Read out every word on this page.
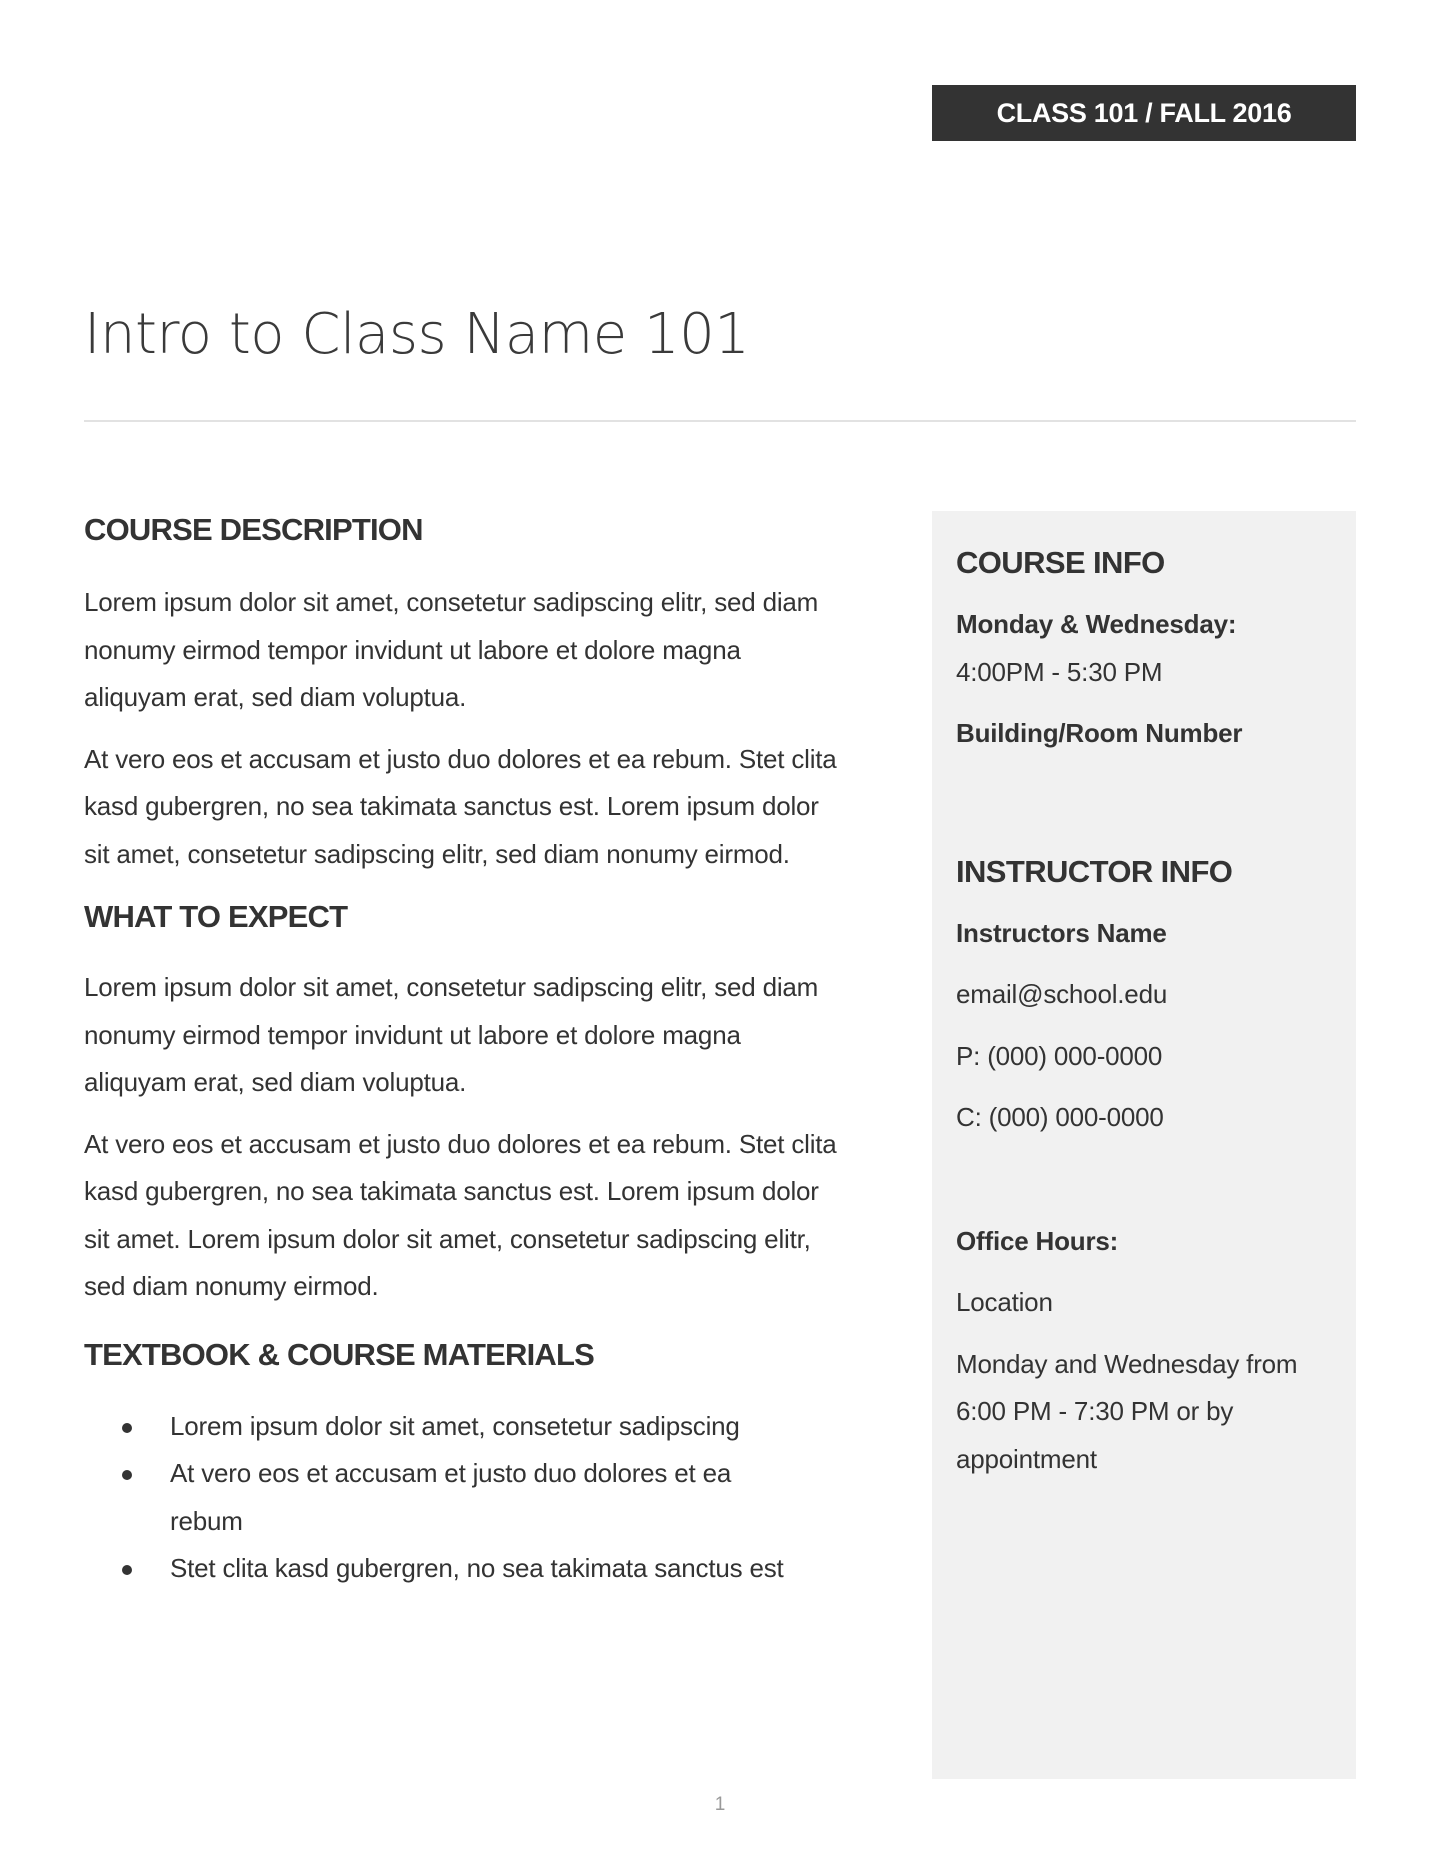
CLASS 101 / FALL 2016
Intro to Class Name 101
COURSE DESCRIPTION

Lorem ipsum dolor sit amet, consetetur sadipscing elitr, sed diam nonumy eirmod tempor invidunt ut labore et dolore magna aliquyam erat, sed diam voluptua.

At vero eos et accusam et justo duo dolores et ea rebum. Stet clita kasd gubergren, no sea takimata sanctus est. Lorem ipsum dolor sit amet, consetetur sadipscing elitr, sed diam nonumy eirmod.

WHAT TO EXPECT

Lorem ipsum dolor sit amet, consetetur sadipscing elitr, sed diam nonumy eirmod tempor invidunt ut labore et dolore magna aliquyam erat, sed diam voluptua.

At vero eos et accusam et justo duo dolores et ea rebum. Stet clita kasd gubergren, no sea takimata sanctus est. Lorem ipsum dolor sit amet. Lorem ipsum dolor sit amet, consetetur sadipscing elitr, sed diam nonumy eirmod.

TEXTBOOK & COURSE MATERIALS
Lorem ipsum dolor sit amet, consetetur sadipscing
At vero eos et accusam et justo duo dolores et ea rebum
Stet clita kasd gubergren, no sea takimata sanctus est
COURSE INFO
Monday & Wednesday:
4:00PM - 5:30 PM
Building/Room Number
INSTRUCTOR INFO
Instructors Name
email@school.edu
P: (000) 000-0000
C: (000) 000-0000
Office Hours:
Location
Monday and Wednesday from 6:00 PM - 7:30 PM or by appointment
1
